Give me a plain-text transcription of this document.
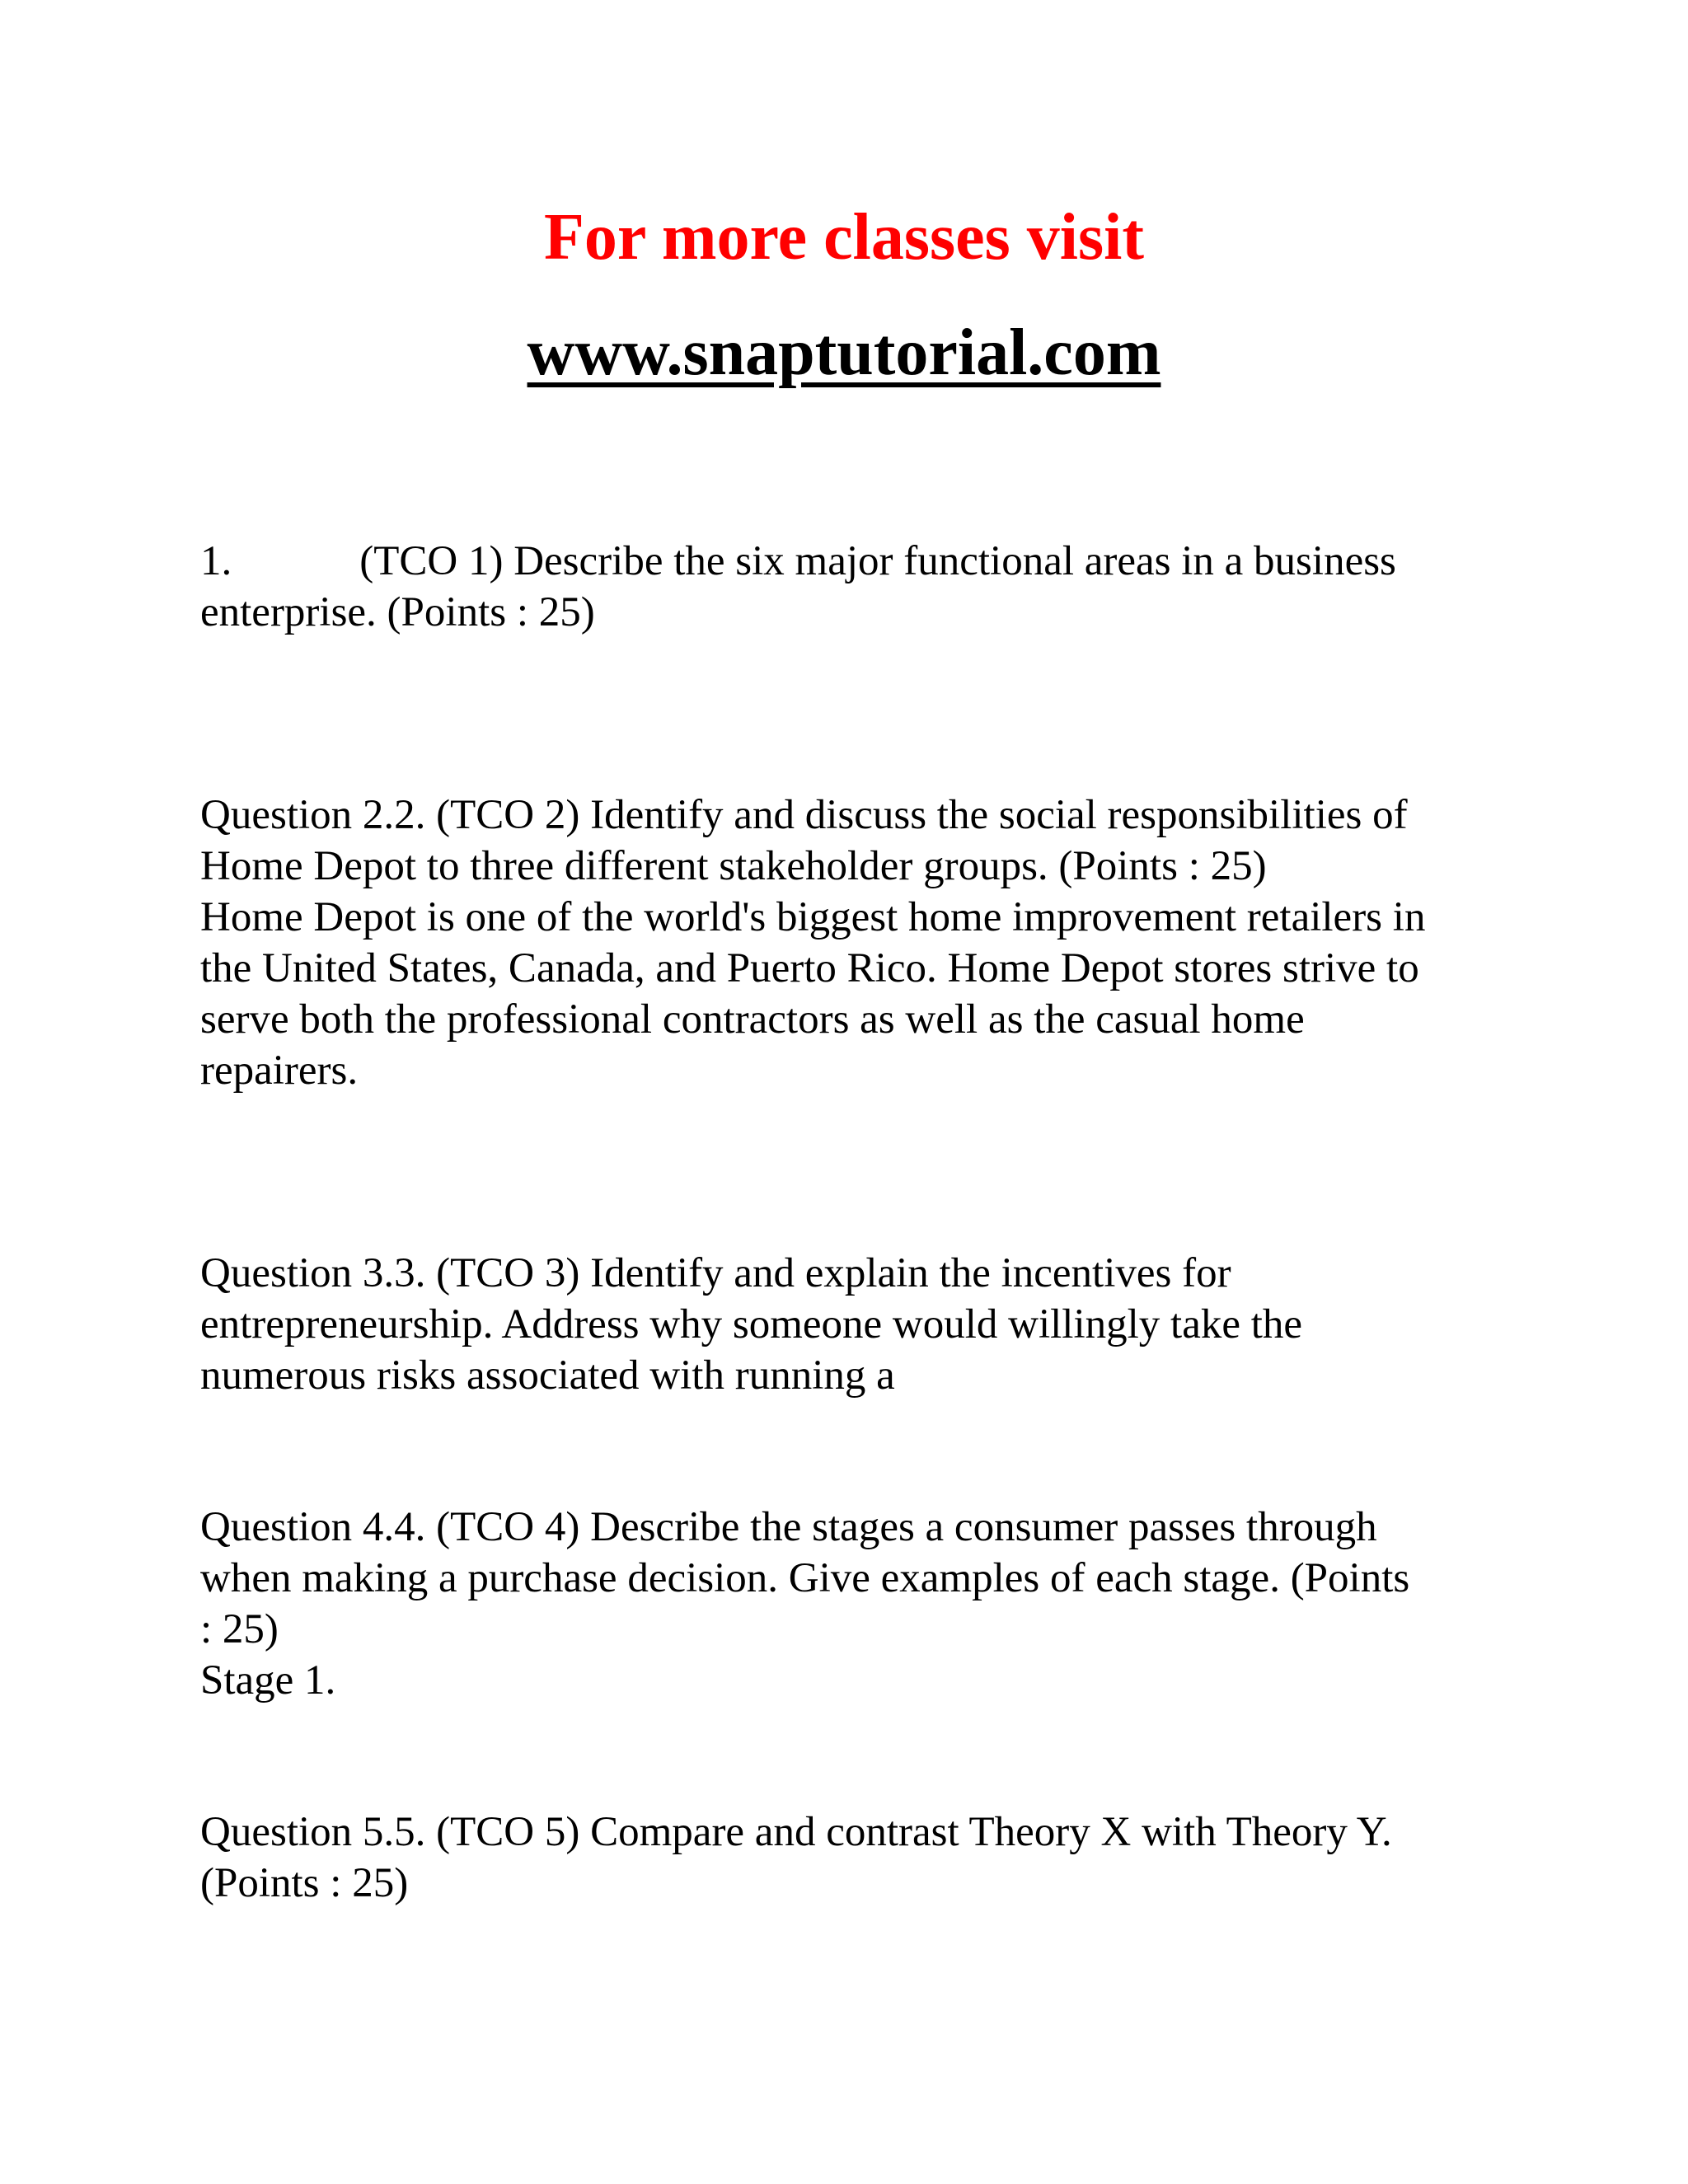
For more classes visit
www.snaptutorial.com
1.	(TCO 1) Describe the six major functional areas in a business
enterprise. (Points : 25)
Question 2.2. (TCO 2) Identify and discuss the social responsibilities of
Home Depot to three different stakeholder groups. (Points : 25)
Home Depot is one of the world's biggest home improvement retailers in
the United States, Canada, and Puerto Rico. Home Depot stores strive to
serve both the professional contractors as well as the casual home
repairers.
Question 3.3. (TCO 3) Identify and explain the incentives for
entrepreneurship. Address why someone would willingly take the
numerous risks associated with running a
Question 4.4. (TCO 4) Describe the stages a consumer passes through
when making a purchase decision. Give examples of each stage. (Points
: 25)
Stage 1.
Question 5.5. (TCO 5) Compare and contrast Theory X with Theory Y.
(Points : 25)
